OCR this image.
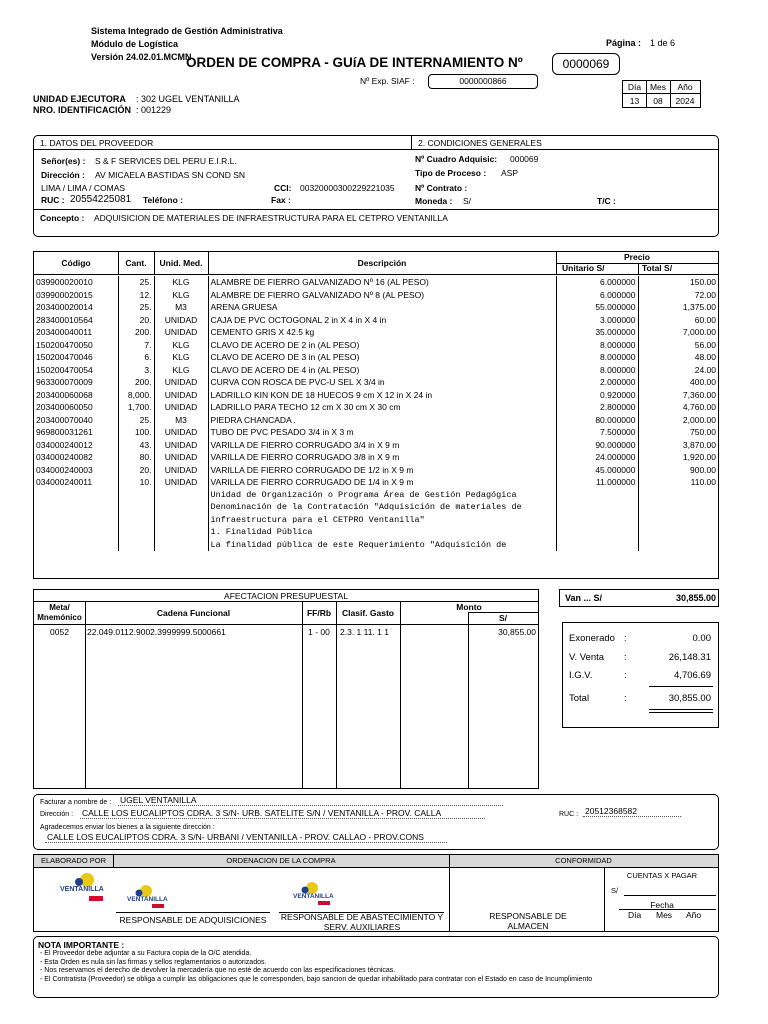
Sistema Integrado de Gestión Administrativa
Módulo de Logística
Versión 24.02.01.MCMN
ORDEN DE COMPRA - GUíA DE INTERNAMIENTO Nº	0000069
Página : 1 de 6
Nº Exp. SIAF :	0000000866
Día	Mes	Año
13	08	2024
UNIDAD EJECUTORA : 302 UGEL VENTANILLA
NRO. IDENTIFICACIÓN : 001229
1. DATOS DEL PROVEEDOR	2. CONDICIONES GENERALES
Señor(es) : S & F SERVICES DEL PERU E.I.R.L.
Dirección : AV MICAELA BASTIDAS SN COND SN
LIMA / LIMA / COMAS	CCI: 00320000300229221035
RUC : 20554225081 Teléfono :	Fax :
Nº Cuadro Adquisic: 000069
Tipo de Proceso : ASP
Nº Contrato :
Moneda : S/	T/C :
Concepto : ADQUISICION DE MATERIALES DE INFRAESTRUCTURA PARA EL CETPRO VENTANILLA
Código	Cant.	Unid. Med.	Descripción
Precio
Unitario S/	Total S/
039900020010	25.	KLG	ALAMBRE DE FIERRO GALVANIZADO Nº 16 (AL PESO)	6.000000	150.00
039900020015	12.	KLG	ALAMBRE DE FIERRO GALVANIZADO Nº 8 (AL PESO)	6.000000	72.00
203400020014	25.	M3	ARENA GRUESA	55.000000	1,375.00
283400010564	20.	UNIDAD	CAJA DE PVC OCTOGONAL 2 in X 4 in X 4 in	3.000000	60.00
203400040011	200.	UNIDAD	CEMENTO GRIS X 42.5 kg	35.000000	7,000.00
150200470050	7.	KLG	CLAVO DE ACERO DE 2 in (AL PESO)	8.000000	56.00
150200470046	6.	KLG	CLAVO DE ACERO DE 3 in (AL PESO)	8.000000	48.00
150200470054	3.	KLG	CLAVO DE ACERO DE 4 in (AL PESO)	8.000000	24.00
963300070009	200.	UNIDAD	CURVA CON ROSCA DE PVC-U SEL X 3/4 in	2.000000	400.00
203400060068	8,000.	UNIDAD	LADRILLO KIN KON DE 18 HUECOS 9 cm X 12 in X 24 in	0.920000	7,360.00
203400060050	1,700.	UNIDAD	LADRILLO PARA TECHO 12 cm X 30 cm X 30 cm	2.800000	4,760.00
203400070040	25.	M3	PIEDRA CHANCADA .	80.000000	2,000.00
969800031261	100.	UNIDAD	TUBO DE PVC PESADO 3/4 in X 3 m	7.500000	750.00
034000240012	43.	UNIDAD	VARILLA DE FIERRO CORRUGADO 3/4 in X 9 m	90.000000	3,870.00
034000240082	80.	UNIDAD	VARILLA DE FIERRO CORRUGADO 3/8 in X 9 m	24.000000	1,920.00
034000240003	20.	UNIDAD	VARILLA DE FIERRO CORRUGADO DE 1/2 in X 9 m	45.000000	900.00
034000240011	10.	UNIDAD	VARILLA DE FIERRO CORRUGADO DE 1/4 in X 9 m	11.000000	110.00
			Unidad de Organización o Programa Área de Gestión Pedagógica		
			Denominación de la Contratación "Adquisición de materiales de		
			infraestructura para el CETPRO Ventanilla"		
			1. Finalidad Pública		
			La finalidad pública de este Requerimiento "Adquisición de		
AFECTACION PRESUPUESTAL
Meta/
Mnemónico	Cadena Funcional	FF/Rb	Clasif. Gasto
Monto
S/
0052	22.049.0112.9002.3999999.5000661	1 - 00	2.3. 1 11. 1 1	30,855.00
Van ... S/	30,855.00
Exonerado :	0.00
V. Venta :	26,148.31
I.G.V.	:	4,706.69
Total	:	30,855.00
Facturar a nombre de : UGEL VENTANILLA
Dirección : CALLE LOS EUCALIPTOS CDRA. 3 S/N- URB. SATELITE S/N / VENTANILLA - PROV. CALLA	RUC : 20512368582
Agradecemos enviar los bienes a la siguiente dirección :
CALLE LOS EUCALIPTOS CDRA. 3 S/N- URBANI / VENTANILLA - PROV. CALLAO - PROV.CONS
ELABORADO POR	ORDENACION DE LA COMPRA	CONFORMIDAD
VENTANILLA
VENTANILLA	VENTANILLA
RESPONSABLE DE ADQUISICIONES	RESPONSABLE DE ABASTECIMIENTO Y SERV. AUXILIARES
RESPONSABLE DE ALMACEN
CUENTAS X PAGAR
S/
Fecha
Día Mes Año
NOTA IMPORTANTE :
- El Proveedor debe adjuntar a su Factura copia de la O/C atendida.
- Esta Orden es nula sin las firmas y sellos reglamentarios o autorizados.
- Nos reservamos el derecho de devolver la mercadería que no esté de acuerdo con las especificaciones técnicas.
- El Contratista (Proveedor) se obliga a cumplir las obligaciones que le corresponden, bajo sancion de quedar inhabilitado para contratar con el Estado en caso de Incumplimiento
